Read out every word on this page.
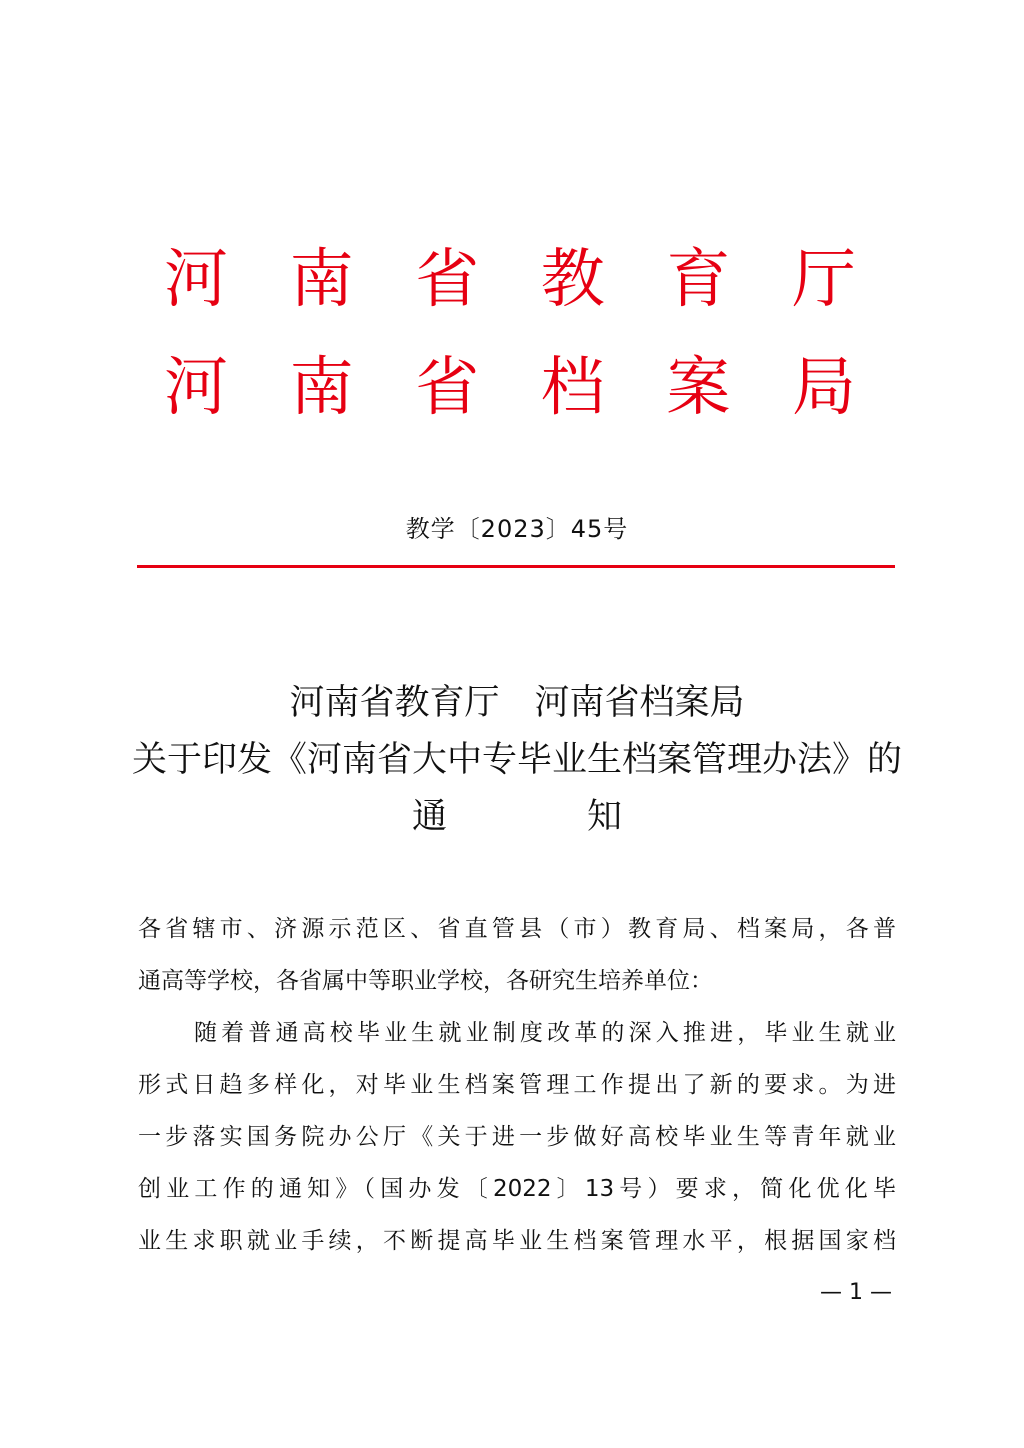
河 南 省 教 育 厅
河 南 省 档 案 局
教学〔2023〕45号
河南省教育厅　河南省档案局
关于印发《河南省大中专毕业生档案管理办法》的
通	知
各省辖市、济源示范区、省直管县（市）教育局、档案局，各普
通高等学校，各省属中等职业学校，各研究生培养单位：
随着普通高校毕业生就业制度改革的深入推进，毕业生就业
形式日趋多样化，对毕业生档案管理工作提出了新的要求。为进
一步落实国务院办公厅《关于进一步做好高校毕业生等青年就业
创业工作的通知》（国办发〔2022〕13号）要求，简化优化毕
业生求职就业手续，不断提高毕业生档案管理水平，根据国家档
— 1 —
